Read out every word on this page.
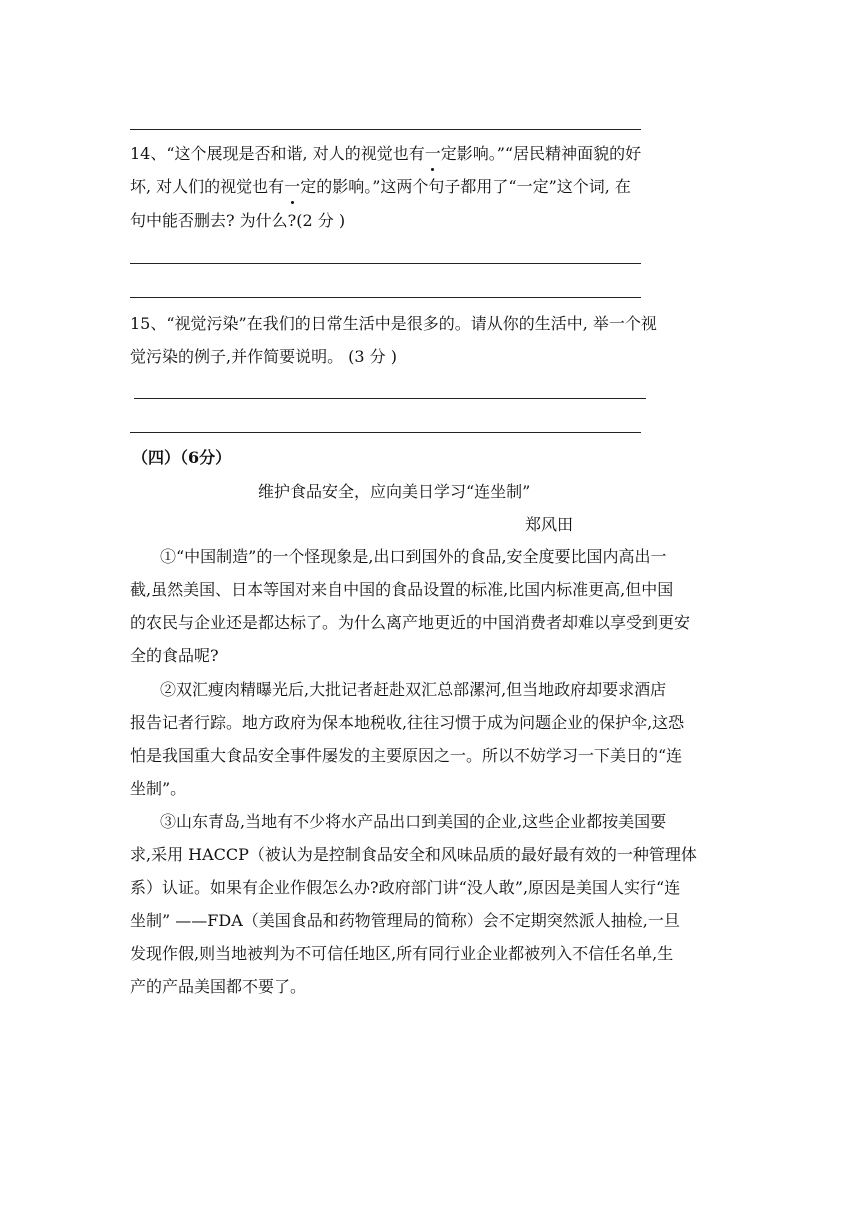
14、“这个展现是否和谐, 对人的视觉也有一定影响。”“居民精神面貌的好
坏, 对人们的视觉也有一定的影响。”这两个句子都用了“一定”这个词, 在
句中能否删去? 为什么?(2 分 )
15、“视觉污染”在我们的日常生活中是很多的。请从你的生活中, 举一个视
觉污染的例子,并作简要说明。 (3 分 )
（四）（6分）
维护食品安全，应向美日学习“连坐制”
郑风田
①“中国制造”的一个怪现象是,出口到国外的食品,安全度要比国内高出一
截,虽然美国、日本等国对来自中国的食品设置的标准,比国内标准更高,但中国
的农民与企业还是都达标了。为什么离产地更近的中国消费者却难以享受到更安
全的食品呢?
②双汇瘦肉精曝光后,大批记者赶赴双汇总部漯河,但当地政府却要求酒店
报告记者行踪。地方政府为保本地税收,往往习惯于成为问题企业的保护伞,这恐
怕是我国重大食品安全事件屡发的主要原因之一。所以不妨学习一下美日的“连
坐制”。
③山东青岛,当地有不少将水产品出口到美国的企业,这些企业都按美国要
求,采用 HACCP（被认为是控制食品安全和风味品质的最好最有效的一种管理体
系）认证。如果有企业作假怎么办?政府部门讲“没人敢”,原因是美国人实行“连
坐制” ——FDA（美国食品和药物管理局的简称）会不定期突然派人抽检,一旦
发现作假,则当地被判为不可信任地区,所有同行业企业都被列入不信任名单,生
产的产品美国都不要了。
